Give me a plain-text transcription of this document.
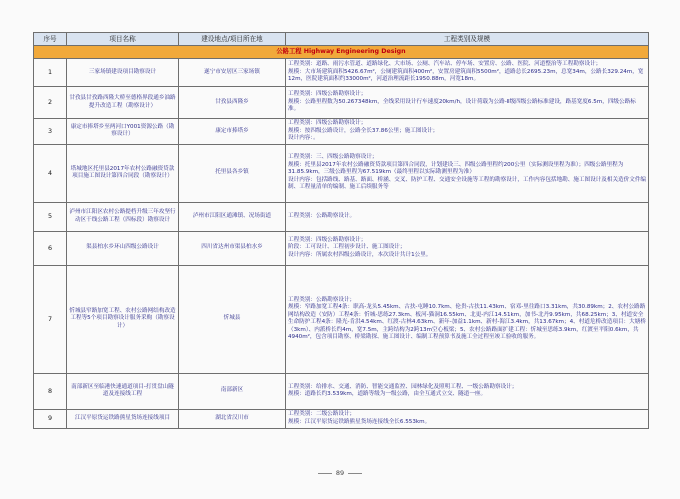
序号	项目名称	建设地点/项目所在地	工程类别及规模
公路工程 Highway Engineering Design			
1	三家场镇建设项目勘察设计	遂宁市安居区三家场镇	工程类别：道路、雨污水管道、道路绿化、大市场、公厕、汽车站、停车场、安置房、公路、医院、河道整治等工程勘察设计；
规模：大市场建筑面积5426.67m²，公厕建筑面积400m²，安置房建筑面积5500m²，道路总长2695.23m，总宽34m，公路长329.24m，宽12m，医院建筑面积约33000m²，河道治理流距长1950.88m，河宽18m。

2	甘孜县甘孜路西隆大桥至德格界段通乡油路提升改造工程（勘察设计）	甘孜县西隆乡	工程类别：四级公路勘察设计；
规模：公路里程数为50.267348km，全线采用设计行车速度20km/h，设计荷载为公路-Ⅱ级四级公路标准建设，路基宽度6.5m，四级公路标准。

3	康定市捧塔乡至两河口Y001资源公路（勘察设计）	康定市捧塔乡	工程类别：四级公路勘察设计；
规模：按四级公路设计，公路全长37.86公里；施工图设计；
设计内容：。

4	塔城地区托里县2017年农村公路融资贷款项目施工图设计第四合同段（勘察设计）	托里县各乡镇	工程类别：三、四级公路勘察设计；
规模：托里县2017年农村公路融资贷款项目第四合同段，计划建设三、四级公路里程约200公里（实际测设里程为准）；四级公路里程为31.85.9km，三级公路里程为67.519km（最终里程以实际勘测里程为准）
设计内容：包括路线、路基、路面、桥涵、交叉、防护工程、交通安全设施等工程的勘察设计，工作内容包括地勘、施工图设计及相关造价文件编制、工程量清单的编制、施工后续服务等

5	泸州市江阳区农村公路提档升级三年攻坚行动区干线公路工程（四标段）勘察设计	泸州市江阳区通滩镇、况场街道	工程类别：公路勘察设计。

6	渠县柏水乡环山四级公路设计	四川省达州市渠县柏水乡	工程类别：四级公路勘察设计；
阶段：工可设计、工程初步设计、施工图设计；
设计内容：所属农村四级公路设计，本次设计共计1公里。

7	忻城县窄路加宽工程、农村公路网结构改造工程等5个项目勘察设计服务采购（勘察设计）	忻城县	工程类别：公路勘察设计；
规模：窄路加宽工程4条：职高-龙头5.45km、古扶-屯睡10.7km、伦贵-古扶11.43km、宿邓-里往路口3.31km，共30.89km；2、农村公路路网结构改造（安防）工程4条：忻城-思练27.3km、板河-猫洞16.55km、北更-内江14.51km，加书-北丹9.95km，共68.25km；3、村道安全生命防护工程4条：隆光-肯洪4.54km、红渡-古林4.63km、新年-加益1.1km、新村-海江3.4km，共13.67km；4、村道危桥改造项目：大塘桥（3km）、内派桥长约4m，宽7.5m，主跨结构为2跨13m空心板梁；5、农村公路路面扩建工程：忻城至思练3.9km，红渡至平阳0.6km，共4940m²，包含项目勘察、桥梁勘探、施工图设计、编制工程预算书及施工全过程至竣工验收的服务。

8	南部新区至临港快速通道项目-打贯盘山隧道及连接线工程	南部新区	工程类别：给排水、交通、消防、智能交通监控、园林绿化及照明工程、一级公路勘察设计；
规模：道路长约3.539km，道路等级为一级公路，由全互通式立交、隧道一座。

9	江汉平原货运铁路熊星货场连接线项目	湖北省汉川市	工程类别：二级公路设计；
规模：江汉平原货运铁路熊星货场连接线全长6.553km。
89
